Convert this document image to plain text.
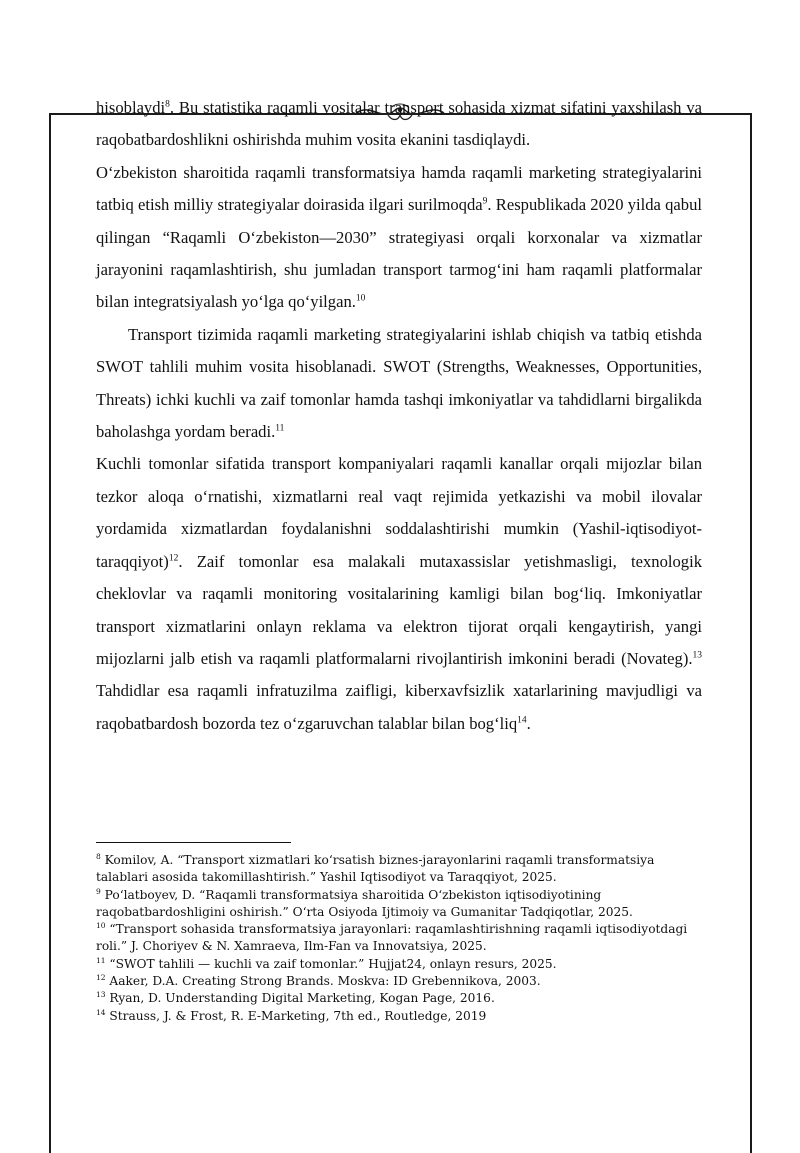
hisoblaydi$^8$. Bu statistika raqamli vositalar transport sohasida xizmat sifatini yaxshilash va raqobatbardoshlikni oshirishda muhim vosita ekanini tasdiqlaydi.

O‘zbekiston sharoitida raqamli transformatsiya hamda raqamli marketing strategiyalarini tatbiq etish milliy strategiyalar doirasida ilgari surilmoqda$^9$. Respublikada 2020 yilda qabul qilingan “Raqamli O‘zbekiston—2030” strategiyasi orqali korxonalar va xizmatlar jarayonini raqamlashtirish, shu jumladan transport tarmog‘ini ham raqamli platformalar bilan integratsiyalash yo‘lga qo‘yilgan.$^{10}$

Transport tizimida raqamli marketing strategiyalarini ishlab chiqish va tatbiq etishda SWOT tahlili muhim vosita hisoblanadi. SWOT (Strengths, Weaknesses, Opportunities, Threats) ichki kuchli va zaif tomonlar hamda tashqi imkoniyatlar va tahdidlarni birgalikda baholashga yordam beradi.$^{11}$

Kuchli tomonlar sifatida transport kompaniyalari raqamli kanallar orqali mijozlar bilan tezkor aloqa o‘rnatishi, xizmatlarni real vaqt rejimida yetkazishi va mobil ilovalar yordamida xizmatlardan foydalanishni soddalashtirishi mumkin (Yashil-iqtisodiyot-taraqqiyot)$^{12}$. Zaif tomonlar esa malakali mutaxassislar yetishmasligi, texnologik cheklovlar va raqamli monitoring vositalarining kamligi bilan bog‘liq. Imkoniyatlar transport xizmatlarini onlayn reklama va elektron tijorat orqali kengaytirish, yangi mijozlarni jalb etish va raqamli platformalarni rivojlantirish imkonini beradi (Novateg).$^{13}$ Tahdidlar esa raqamli infratuzilma zaifligi, kiberxavfsizlik xatarlarining mavjudligi va raqobatbardosh bozorda tez o‘zgaruvchan talablar bilan bog‘liq$^{14}$.

$^8$ Komilov, A. “Transport xizmatlari ko‘rsatish biznes-jarayonlarini raqamli transformatsiya talablari asosida takomillashtirish.” Yashil Iqtisodiyot va Taraqqiyot, 2025.

$^9$ Po‘latboyev, D. “Raqamli transformatsiya sharoitida O‘zbekiston iqtisodiyotining raqobatbardoshligini oshirish.” O‘rta Osiyoda Ijtimoiy va Gumanitar Tadqiqotlar, 2025.

$^{10}$ “Transport sohasida transformatsiya jarayonlari: raqamlashtirishning raqamli iqtisodiyotdagi roli.” J. Choriyev & N. Xamraeva, Ilm-Fan va Innovatsiya, 2025.

$^{11}$ “SWOT tahlili — kuchli va zaif tomonlar.” Hujjat24, onlayn resurs, 2025.

$^{12}$ Aaker, D.A. Creating Strong Brands. Moskva: ID Grebennikova, 2003.

$^{13}$ Ryan, D. Understanding Digital Marketing, Kogan Page, 2016.

$^{14}$ Strauss, J. & Frost, R. E-Marketing, 7th ed., Routledge, 2019
